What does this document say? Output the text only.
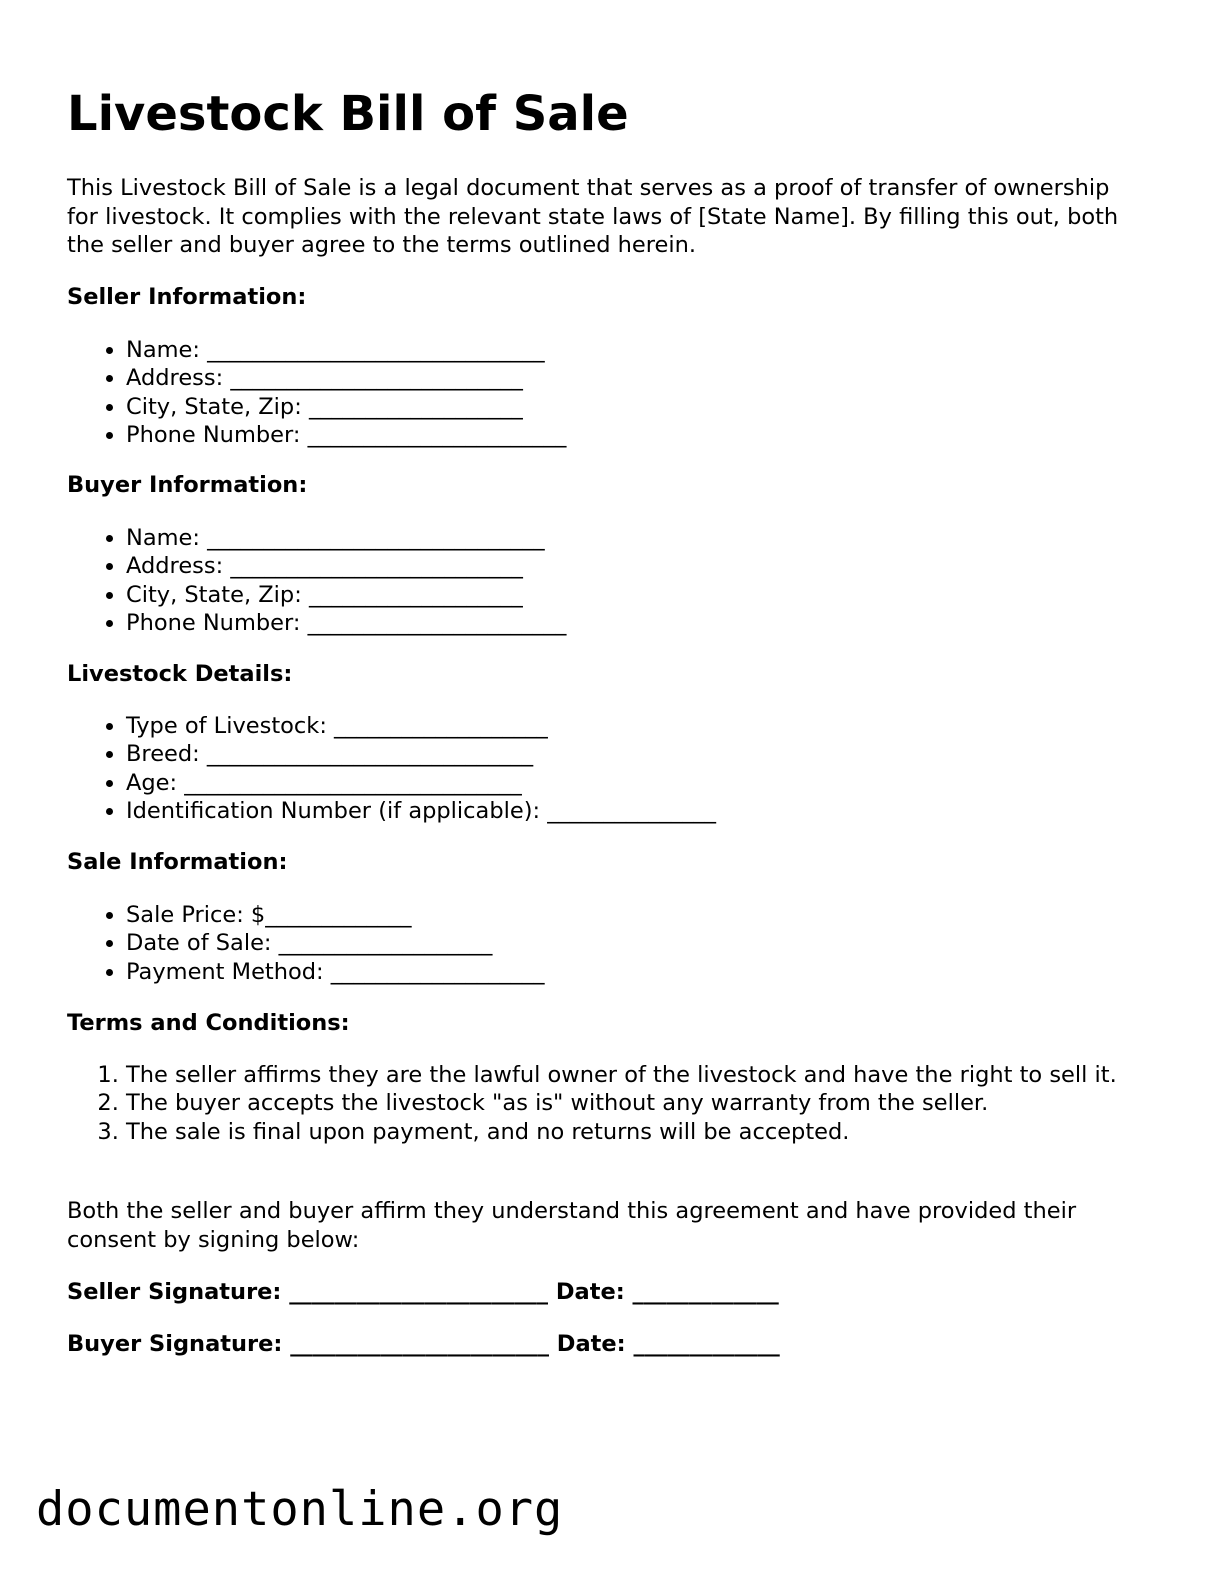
Livestock Bill of Sale

This Livestock Bill of Sale is a legal document that serves as a proof of transfer of ownership for livestock. It complies with the relevant state laws of [State Name]. By filling this out, both the seller and buyer agree to the terms outlined herein.

Seller Information:

• Name: ______________________________
• Address: __________________________
• City, State, Zip: ___________________
• Phone Number: _______________________

Buyer Information:

• Name: ______________________________
• Address: __________________________
• City, State, Zip: ___________________
• Phone Number: _______________________

Livestock Details:

• Type of Livestock: ___________________
• Breed: _____________________________
• Age: ______________________________
• Identification Number (if applicable): _______________

Sale Information:

• Sale Price: $_____________
• Date of Sale: ___________________
• Payment Method: ___________________

Terms and Conditions:

1. The seller affirms they are the lawful owner of the livestock and have the right to sell it.
2. The buyer accepts the livestock "as is" without any warranty from the seller.
3. The sale is final upon payment, and no returns will be accepted.

Both the seller and buyer affirm they understand this agreement and have provided their consent by signing below:

Seller Signature: _______________________ Date: _____________

Buyer Signature: _______________________ Date: _____________

documentonline.org
